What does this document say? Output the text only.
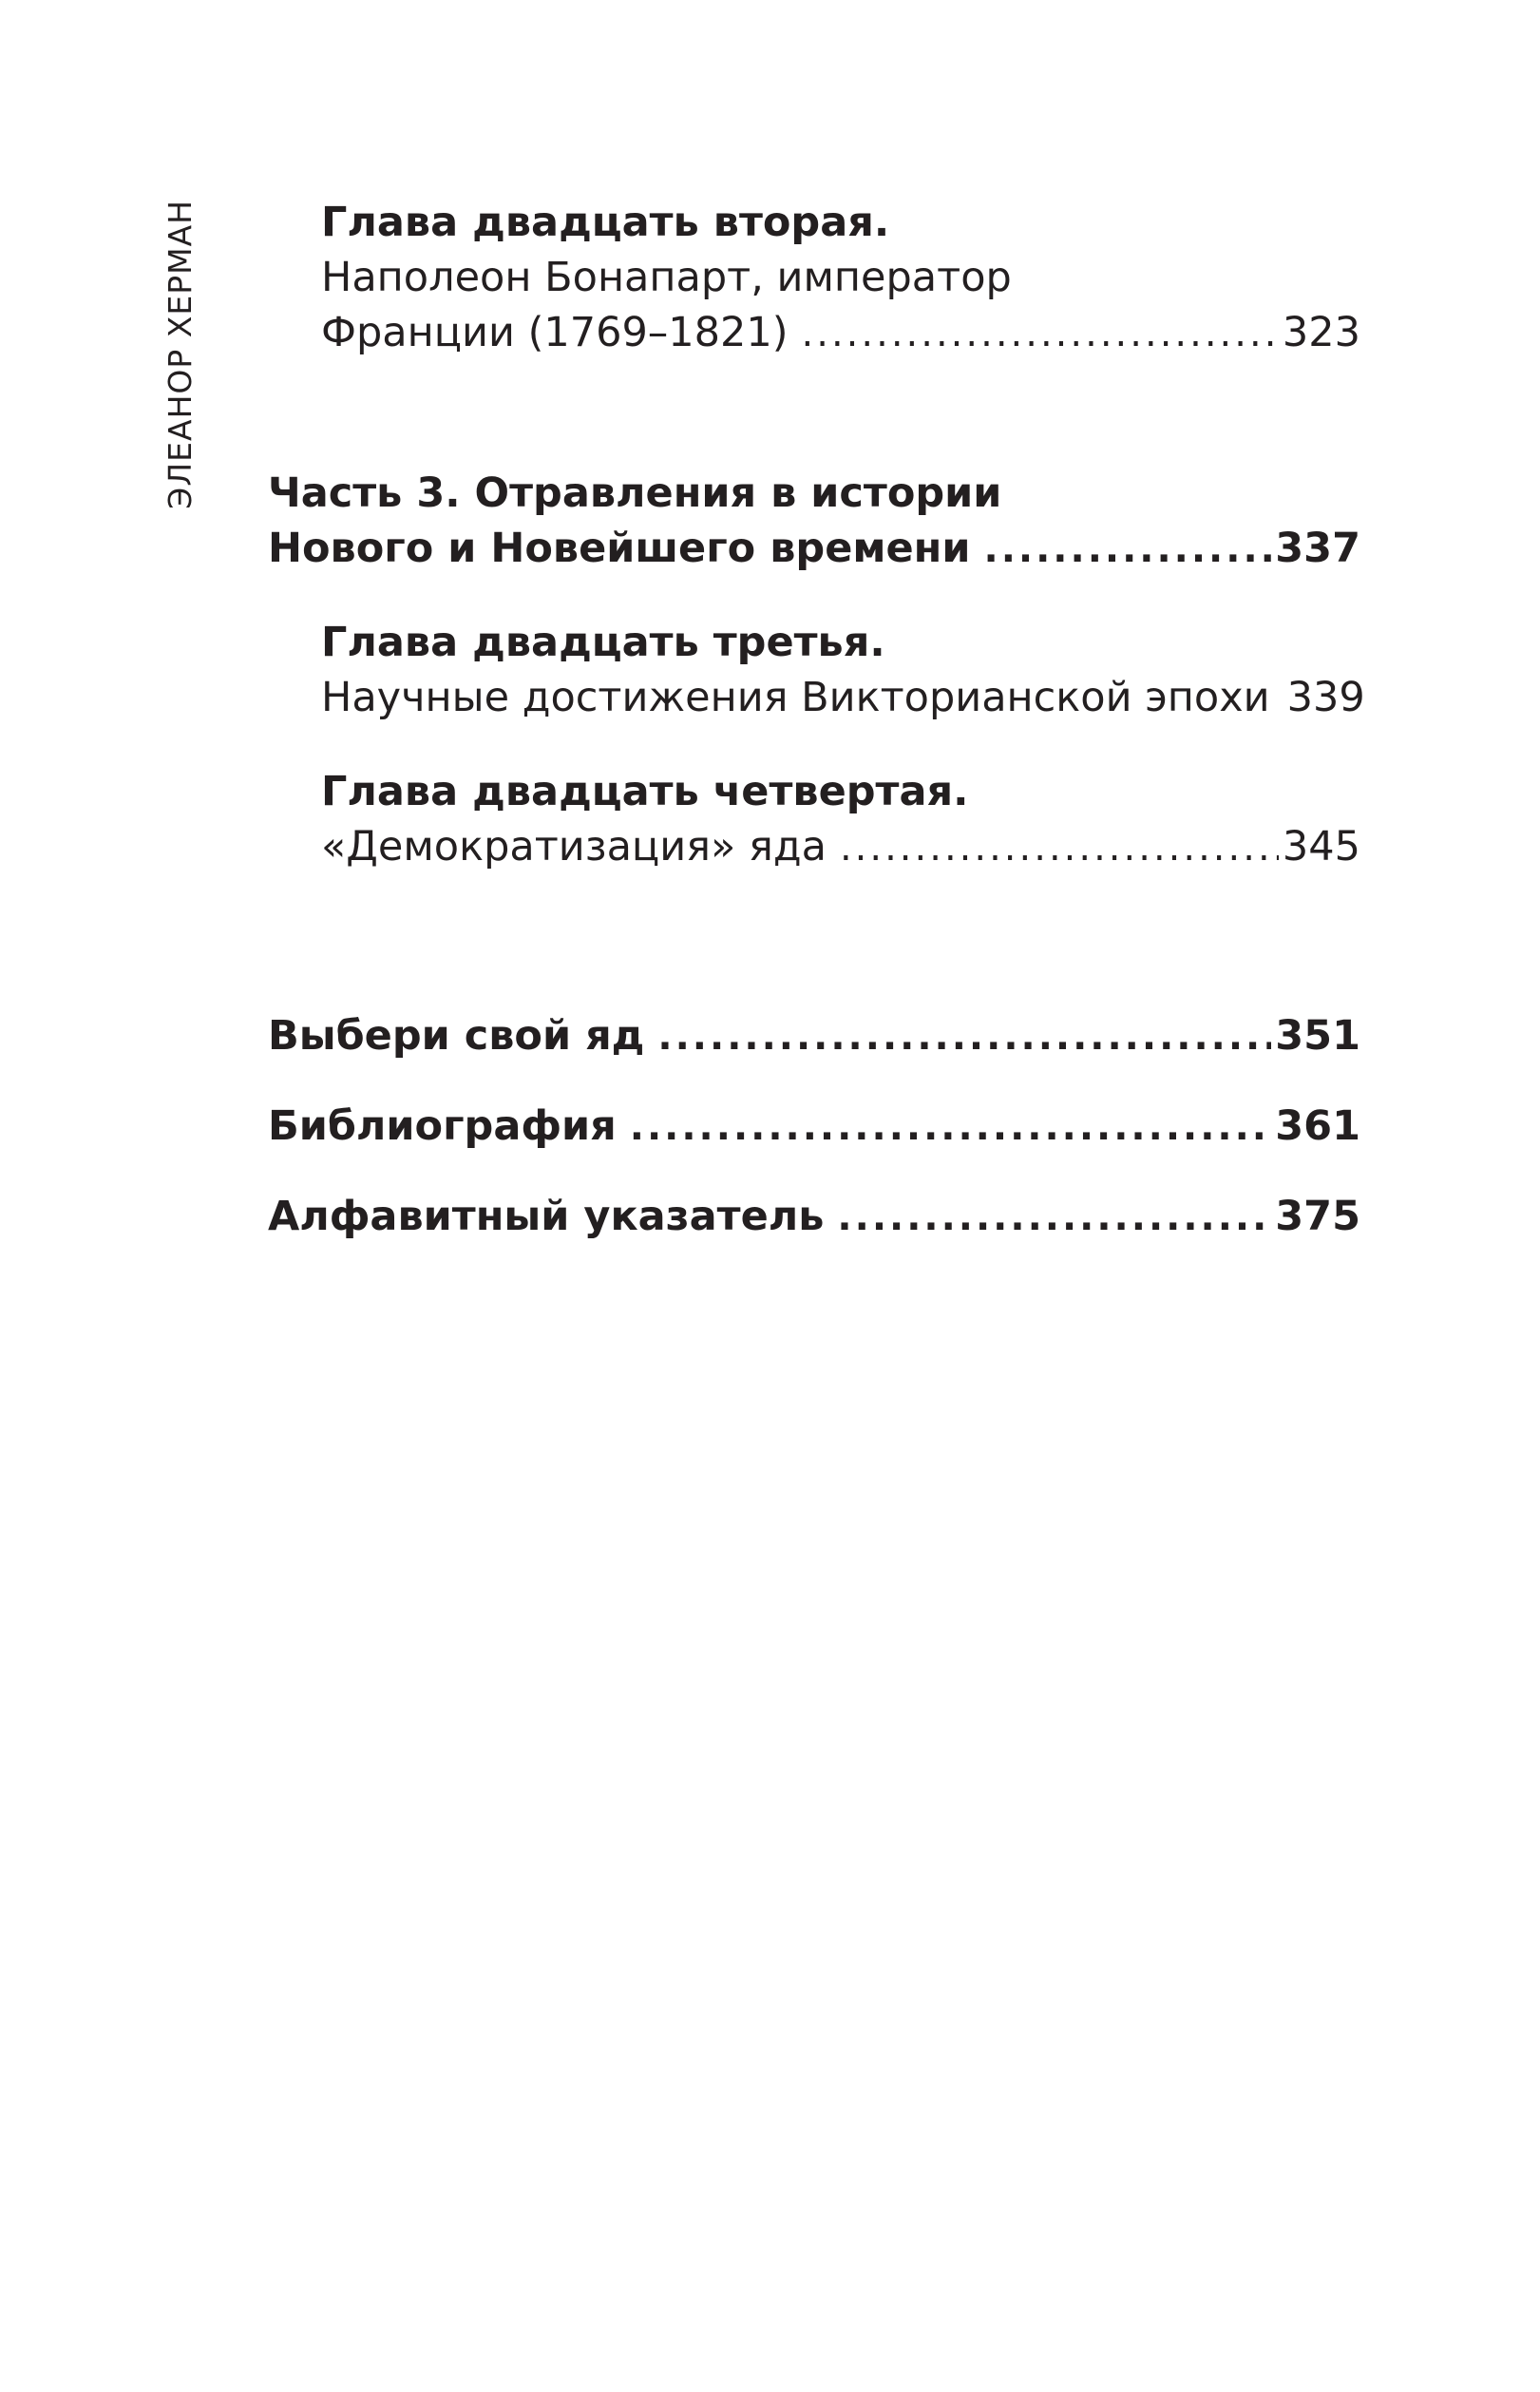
ЭЛЕАНОР ХЕРМАН	Глава двадцать вторая.
Наполеон Бонапарт, император
Франции (1769–1821) .....	323
Часть 3. Отравления в истории
Нового и Новейшего времени .....	337
Глава двадцать третья.
Научные достижения Викторианской эпохи 339
Глава двадцать четвертая.
«Демократизация» яда .....	345
Выбери свой яд .....	351
Библиография .....	361
Алфавитный указатель .....	375
